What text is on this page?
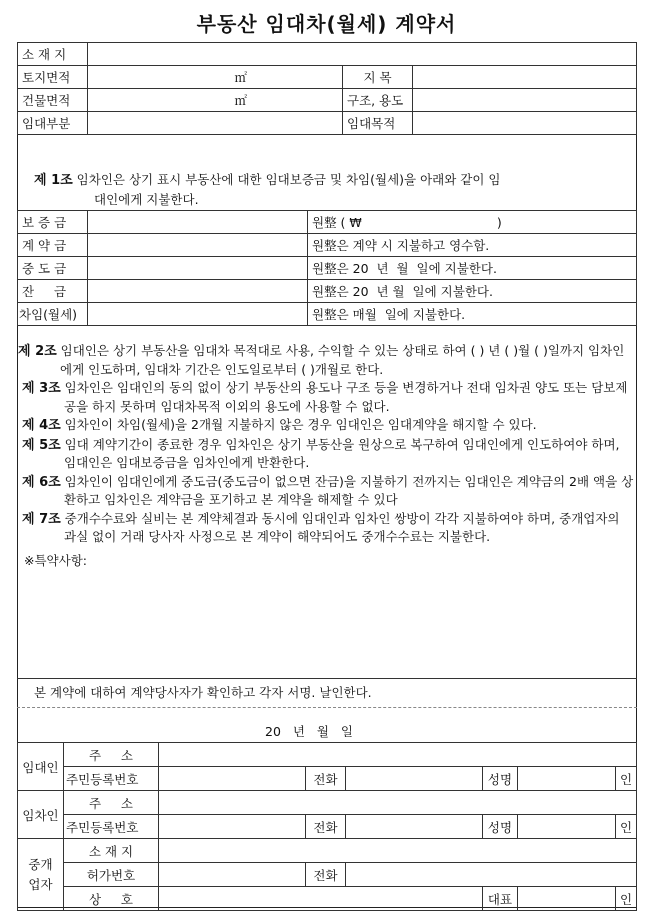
부동산 임대차(월세) 계약서
소 재 지			
토지면적	㎡	지 목	
건물면적	㎡	구조, 용도	
임대부분		임대목적	
제 1조 임차인은 상기 표시 부동산에 대한 임대보증금 및 차임(월세)을 아래와 같이 임
대인에게 지불한다.
보 증 금		원整 ( ₩                                  )
계 약 금		원整은 계약 시 지불하고 영수함.
중 도 금		원整은 20  년  월  일에 지불한다.
잔     금		원整은 20  년 월  일에 지불한다.
차임(월세)		원整은 매월  일에 지불한다.
제 2조 임대인은 상기 부동산을 임대차 목적대로 사용, 수익할 수 있는 상태로 하여 ( ) 년 ( )월 ( )일까지 임차인에게 인도하며, 임대차 기간은 인도일로부터 ( )개월로 한다.
제 3조 임차인은 임대인의 동의 없이 상기 부동산의 용도나 구조 등을 변경하거나 전대 임차권 양도 또는 담보제공을 하지 못하며 임대차목적 이외의 용도에 사용할 수 없다.
제 4조 임차인이 차임(월세)을 2개월 지불하지 않은 경우 임대인은 임대계약을 해지할 수 있다.
제 5조 임대 계약기간이 종료한 경우 임차인은 상기 부동산을 원상으로 복구하여 임대인에게 인도하여야 하며, 임대인은 임대보증금을 임차인에게 반환한다.
제 6조 임차인이 임대인에게 중도금(중도금이 없으면 잔금)을 지불하기 전까지는 임대인은 계약금의 2배 액을 상환하고 임차인은 계약금을 포기하고 본 계약을 해제할 수 있다
제 7조 중개수수료와 실비는 본 계약체결과 동시에 임대인과 임차인 쌍방이 각각 지불하여야 하며, 중개업자의 과실 없이 거래 당사자 사정으로 본 계약이 해약되어도 중개수수료는 지불한다.
※특약사항:
본 계약에 대하여 계약당사자가 확인하고 각자 서명. 날인한다.
20   년   월   일
임대인	주     소						
	주민등록번호		전화		성명		인
임차인	주     소						
	주민등록번호		전화		성명		인
중개
업자	소 재 지						
	허가번호		전화				
	상     호				대표		인
